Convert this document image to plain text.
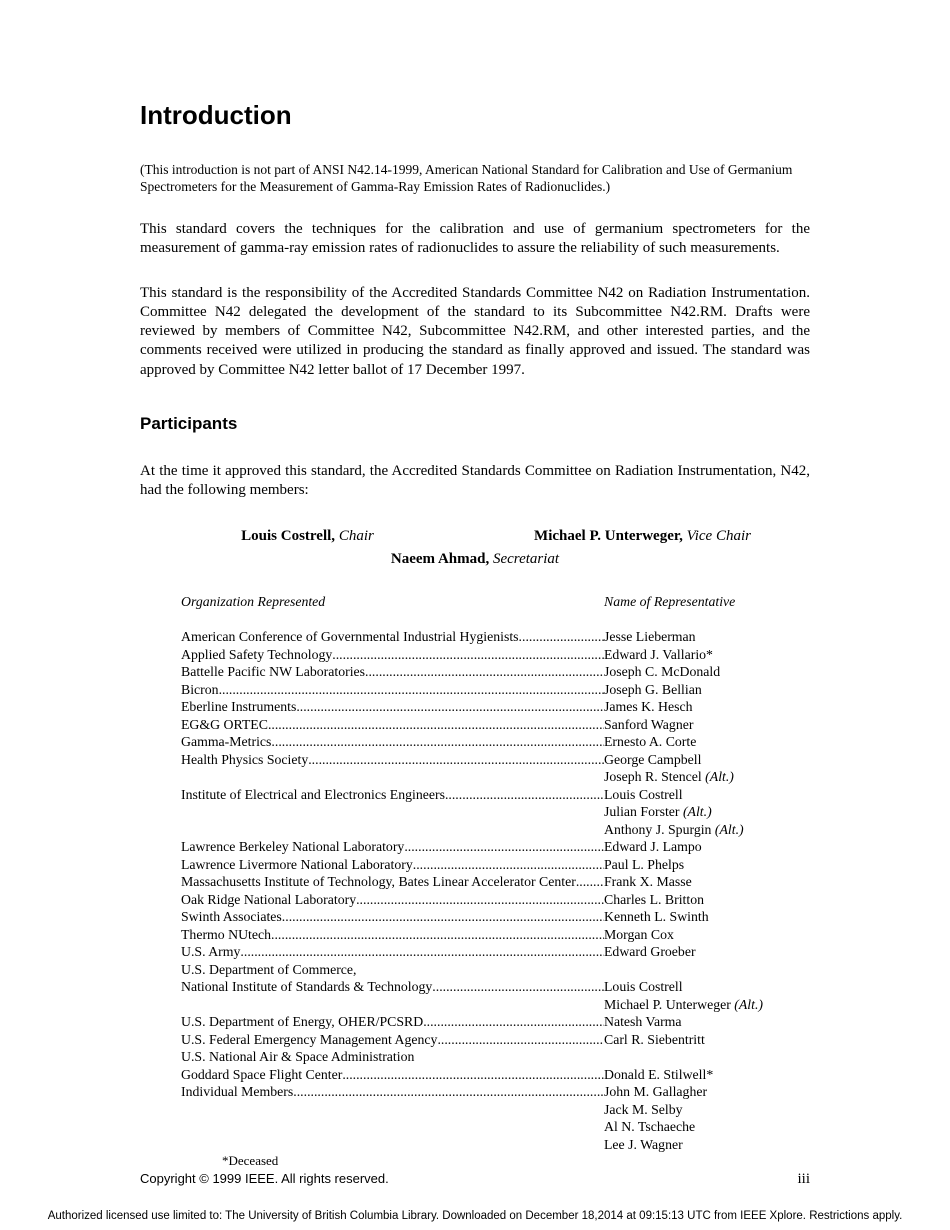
Introduction

(This introduction is not part of ANSI N42.14-1999, American National Standard for Calibration and Use of Germanium Spectrometers for the Measurement of Gamma-Ray Emission Rates of Radionuclides.)

This standard covers the techniques for the calibration and use of germanium spectrometers for the measurement of gamma-ray emission rates of radionuclides to assure the reliability of such measurements.

This standard is the responsibility of the Accredited Standards Committee N42 on Radiation Instrumentation. Committee N42 delegated the development of the standard to its Subcommittee N42.RM. Drafts were reviewed by members of Committee N42, Subcommittee N42.RM, and other interested parties, and the comments received were utilized in producing the standard as finally approved and issued. The standard was approved by Committee N42 letter ballot of 17 December 1997.

Participants

At the time it approved this standard, the Accredited Standards Committee on Radiation Instrumentation, N42, had the following members:

Louis Costrell, Chair	Michael P. Unterweger, Vice Chair
Naeem Ahmad, Secretariat
Organization Represented	Name of Representative
American Conference of Governmental Industrial Hygienists .....	Jesse Lieberman
Applied Safety Technology .....	Edward J. Vallario*
Battelle Pacific NW Laboratories .....	Joseph C. McDonald
Bicron .....	Joseph G. Bellian
Eberline Instruments .....	James K. Hesch
EG&G ORTEC .....	Sanford Wagner
Gamma-Metrics .....	Ernesto A. Corte
Health Physics Society .....	George Campbell
Joseph R. Stencel (Alt.)
Institute of Electrical and Electronics Engineers .....	Louis Costrell
Julian Forster (Alt.)
Anthony J. Spurgin (Alt.)
Lawrence Berkeley National Laboratory .....	Edward J. Lampo
Lawrence Livermore National Laboratory .....	Paul L. Phelps
Massachusetts Institute of Technology, Bates Linear Accelerator Center ..... Frank X. Masse
Oak Ridge National Laboratory .....	Charles L. Britton
Swinth Associates .....	Kenneth L. Swinth
Thermo NUtech .....	Morgan Cox
U.S. Army .....	Edward Groeber
U.S. Department of Commerce,
National Institute of Standards & Technology .....	Louis Costrell
Michael P. Unterweger (Alt.)
U.S. Department of Energy, OHER/PCSRD .....	Natesh Varma
U.S. Federal Emergency Management Agency .....	Carl R. Siebentritt
U.S. National Air & Space Administration
Goddard Space Flight Center .....	Donald E. Stilwell*
Individual Members .....	John M. Gallagher
Jack M. Selby
Al N. Tschaeche
Lee J. Wagner

*Deceased

Copyright © 1999 IEEE. All rights reserved.	iii
Authorized licensed use limited to: The University of British Columbia Library. Downloaded on December 18,2014 at 09:15:13 UTC from IEEE Xplore. Restrictions apply.
